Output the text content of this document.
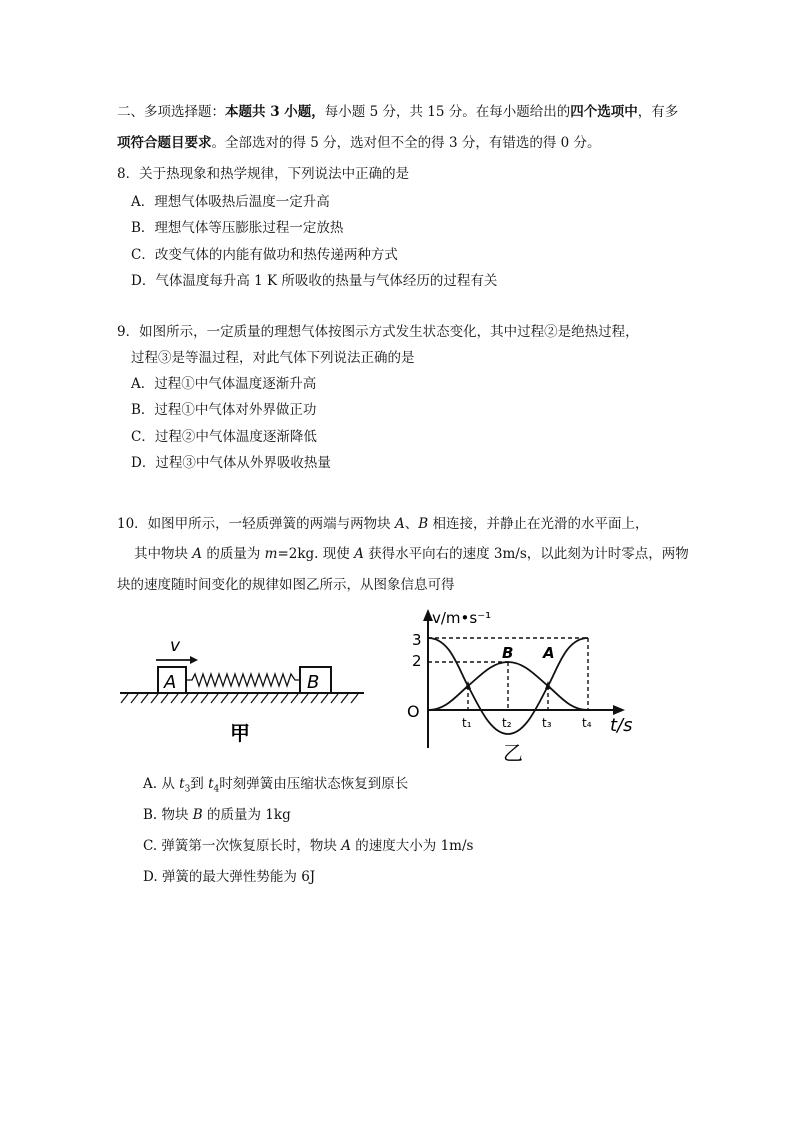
二、多项选择题：本题共 3 小题，每小题 5 分，共 15 分。在每小题给出的四个选项中，有多
项符合题目要求。全部选对的得 5 分，选对但不全的得 3 分，有错选的得 0 分。
8．关于热现象和热学规律，下列说法中正确的是
A．理想气体吸热后温度一定升高
B．理想气体等压膨胀过程一定放热
C．改变气体的内能有做功和热传递两种方式
D．气体温度每升高 1 K 所吸收的热量与气体经历的过程有关
9．如图所示，一定质量的理想气体按图示方式发生状态变化，其中过程②是绝热过程，
过程③是等温过程，对此气体下列说法正确的是
A．过程①中气体温度逐渐升高
B．过程①中气体对外界做正功
C．过程②中气体温度逐渐降低
D．过程③中气体从外界吸收热量
10．如图甲所示，一轻质弹簧的两端与两物块 A、B 相连接，并静止在光滑的水平面上，
其中物块 A 的质量为 m=2kg. 现使 A 获得水平向右的速度 3m/s，以此刻为计时零点，两物
块的速度随时间变化的规律如图乙所示，从图象信息可得
v
A	B
甲
v/m•s⁻¹
t/s
O
3
2	B A
t₁	t₂	t₃	t₄
乙
A. 从 $t_3$到 $t_4$时刻弹簧由压缩状态恢复到原长
B. 物块 B 的质量为 1kg
C. 弹簧第一次恢复原长时，物块 A 的速度大小为 1m/s
D. 弹簧的最大弹性势能为 6J
